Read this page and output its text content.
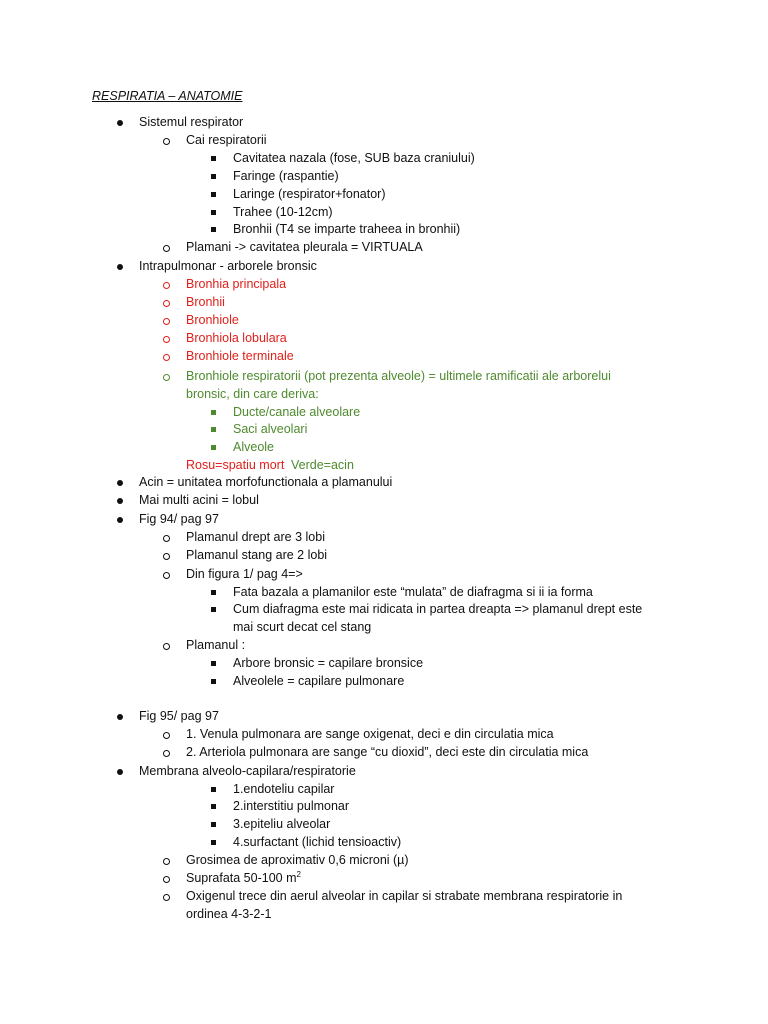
RESPIRATIA – ANATOMIE
Sistemul respirator
Cai respiratorii
Cavitatea nazala (fose, SUB baza craniului)
Faringe (raspantie)
Laringe (respirator+fonator)
Trahee (10-12cm)
Bronhii (T4 se imparte traheea in bronhii)
Plamani -> cavitatea pleurala = VIRTUALA
Intrapulmonar - arborele bronsic
Bronhia principala
Bronhii
Bronhiole
Bronhiola lobulara
Bronhiole terminale
Bronhiole respiratorii (pot prezenta alveole) = ultimele ramificatii ale arborelui
bronsic, din care deriva:
Ducte/canale alveolare
Saci alveolari
Alveole
Rosu=spatiu mort Verde=acin
Acin = unitatea morfofunctionala a plamanului
Mai multi acini = lobul
Fig 94/ pag 97
Plamanul drept are 3 lobi
Plamanul stang are 2 lobi
Din figura 1/ pag 4=>
Fata bazala a plamanilor este “mulata” de diafragma si ii ia forma
Cum diafragma este mai ridicata in partea dreapta => plamanul drept este
mai scurt decat cel stang
Plamanul :
Arbore bronsic = capilare bronsice
Alveolele = capilare pulmonare
Fig 95/ pag 97
1. Venula pulmonara are sange oxigenat, deci e din circulatia mica
2. Arteriola pulmonara are sange “cu dioxid”, deci este din circulatia mica
Membrana alveolo-capilara/respiratorie
1.endoteliu capilar
2.interstitiu pulmonar
3.epiteliu alveolar
4.surfactant (lichid tensioactiv)
Grosimea de aproximativ 0,6 microni (µ)
Suprafata 50-100 $m^2$
Oxigenul trece din aerul alveolar in capilar si strabate membrana respiratorie in
ordinea 4-3-2-1
